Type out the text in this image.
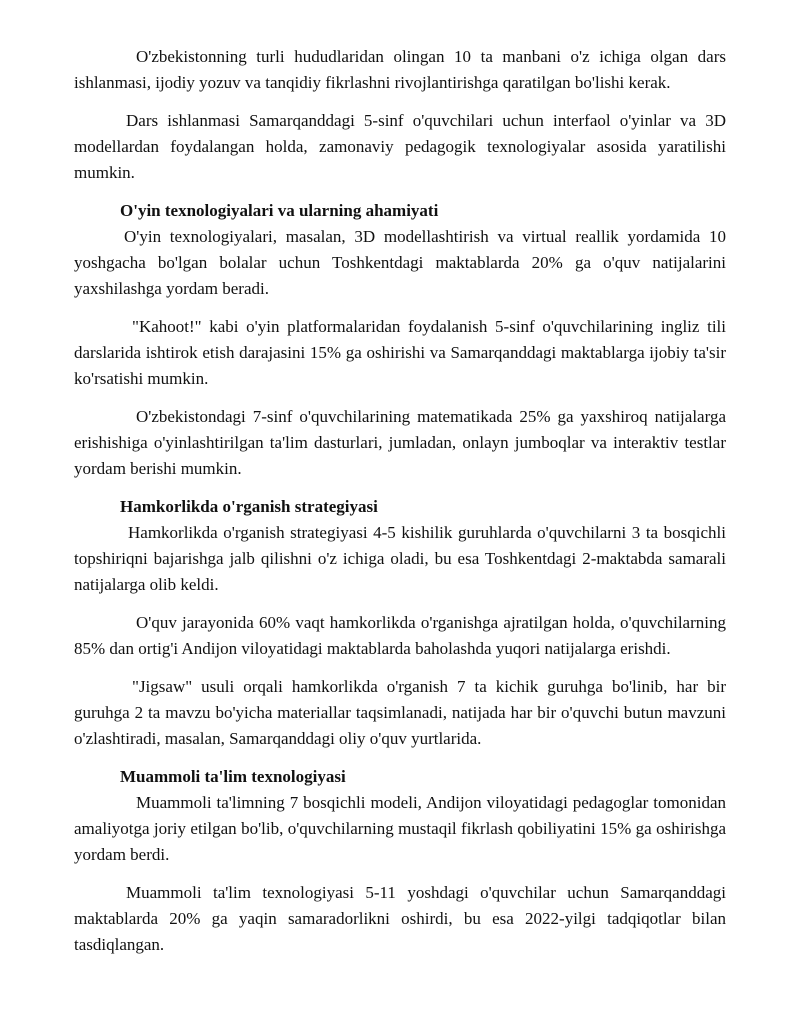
O'zbekistonning turli hududlaridan olingan 10 ta manbani o'z ichiga olgan dars ishlanmasi, ijodiy yozuv va tanqidiy fikrlashni rivojlantirishga qaratilgan bo'lishi kerak.

Dars ishlanmasi Samarqanddagi 5-sinf o'quvchilari uchun interfaol o'yinlar va 3D modellardan foydalangan holda, zamonaviy pedagogik texnologiyalar asosida yaratilishi mumkin.

O'yin texnologiyalari va ularning ahamiyati

O'yin texnologiyalari, masalan, 3D modellashtirish va virtual reallik yordamida 10 yoshgacha bo'lgan bolalar uchun Toshkentdagi maktablarda 20% ga o'quv natijalarini yaxshilashga yordam beradi.

"Kahoot!" kabi o'yin platformalaridan foydalanish 5-sinf o'quvchilarining ingliz tili darslarida ishtirok etish darajasini 15% ga oshirishi va Samarqanddagi maktablarga ijobiy ta'sir ko'rsatishi mumkin.

O'zbekistondagi 7-sinf o'quvchilarining matematikada 25% ga yaxshiroq natijalarga erishishiga o'yinlashtirilgan ta'lim dasturlari, jumladan, onlayn jumboqlar va interaktiv testlar yordam berishi mumkin.

Hamkorlikda o'rganish strategiyasi

Hamkorlikda o'rganish strategiyasi 4-5 kishilik guruhlarda o'quvchilarni 3 ta bosqichli topshiriqni bajarishga jalb qilishni o'z ichiga oladi, bu esa Toshkentdagi 2-maktabda samarali natijalarga olib keldi.

O'quv jarayonida 60% vaqt hamkorlikda o'rganishga ajratilgan holda, o'quvchilarning 85% dan ortig'i Andijon viloyatidagi maktablarda baholashda yuqori natijalarga erishdi.

"Jigsaw" usuli orqali hamkorlikda o'rganish 7 ta kichik guruhga bo'linib, har bir guruhga 2 ta mavzu bo'yicha materiallar taqsimlanadi, natijada har bir o'quvchi butun mavzuni o'zlashtiradi, masalan, Samarqanddagi oliy o'quv yurtlarida.

Muammoli ta'lim texnologiyasi

Muammoli ta'limning 7 bosqichli modeli, Andijon viloyatidagi pedagoglar tomonidan amaliyotga joriy etilgan bo'lib, o'quvchilarning mustaqil fikrlash qobiliyatini 15% ga oshirishga yordam berdi.

Muammoli ta'lim texnologiyasi 5-11 yoshdagi o'quvchilar uchun Samarqanddagi maktablarda 20% ga yaqin samaradorlikni oshirdi, bu esa 2022-yilgi tadqiqotlar bilan tasdiqlangan.
